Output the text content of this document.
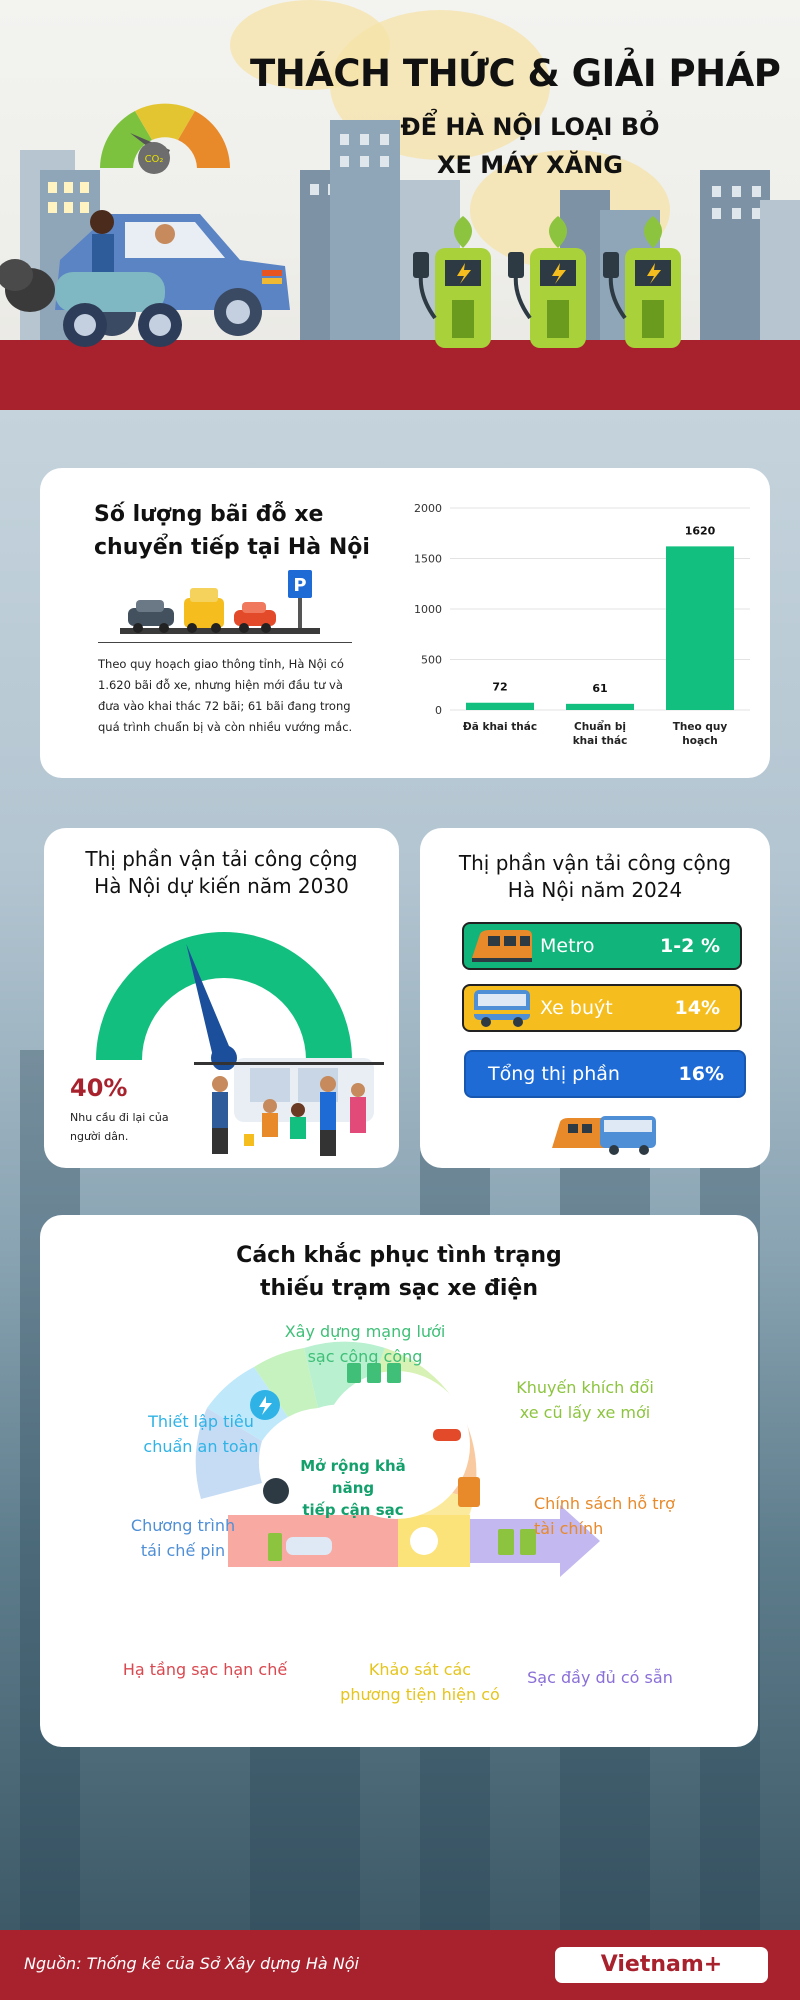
CO₂
THÁCH THỨC & GIẢI PHÁP
ĐỂ HÀ NỘI LOẠI BỎ
XE MÁY XĂNG
Số lượng bãi đỗ xe
chuyển tiếp tại Hà Nội
P
Theo quy hoạch giao thông tỉnh, Hà Nội có 1.620 bãi đỗ xe, nhưng hiện mới đầu tư và đưa vào khai thác 72 bãi; 61 bãi đang trong quá trình chuẩn bị và còn nhiều vướng mắc.
0
500
1000
1500
2000
72
Đã khai thác
61
Chuẩn bị
khai thác
1620
Theo quy
hoạch
Thị phần vận tải công cộng
Hà Nội dự kiến năm 2030
40%
Nhu cầu đi lại của người dân.
Thị phần vận tải công cộng
Hà Nội năm 2024
Metro	1-2 %
Xe buýt	14%
Tổng thị phần	16%
Cách khắc phục tình trạng
thiếu trạm sạc xe điện
Mở rộng khả năng
tiếp cận sạc
Hạ tầng sạc hạn chế
Chương trình
tái chế pin
Thiết lập tiêu
chuẩn an toàn
Xây dựng mạng lưới
sạc công cộng
Khuyến khích đổi
xe cũ lấy xe mới
Chính sách hỗ trợ
tài chính
Khảo sát các
phương tiện hiện có
Sạc đầy đủ có sẵn
Nguồn: Thống kê của Sở Xây dựng Hà Nội	Vietnam+
